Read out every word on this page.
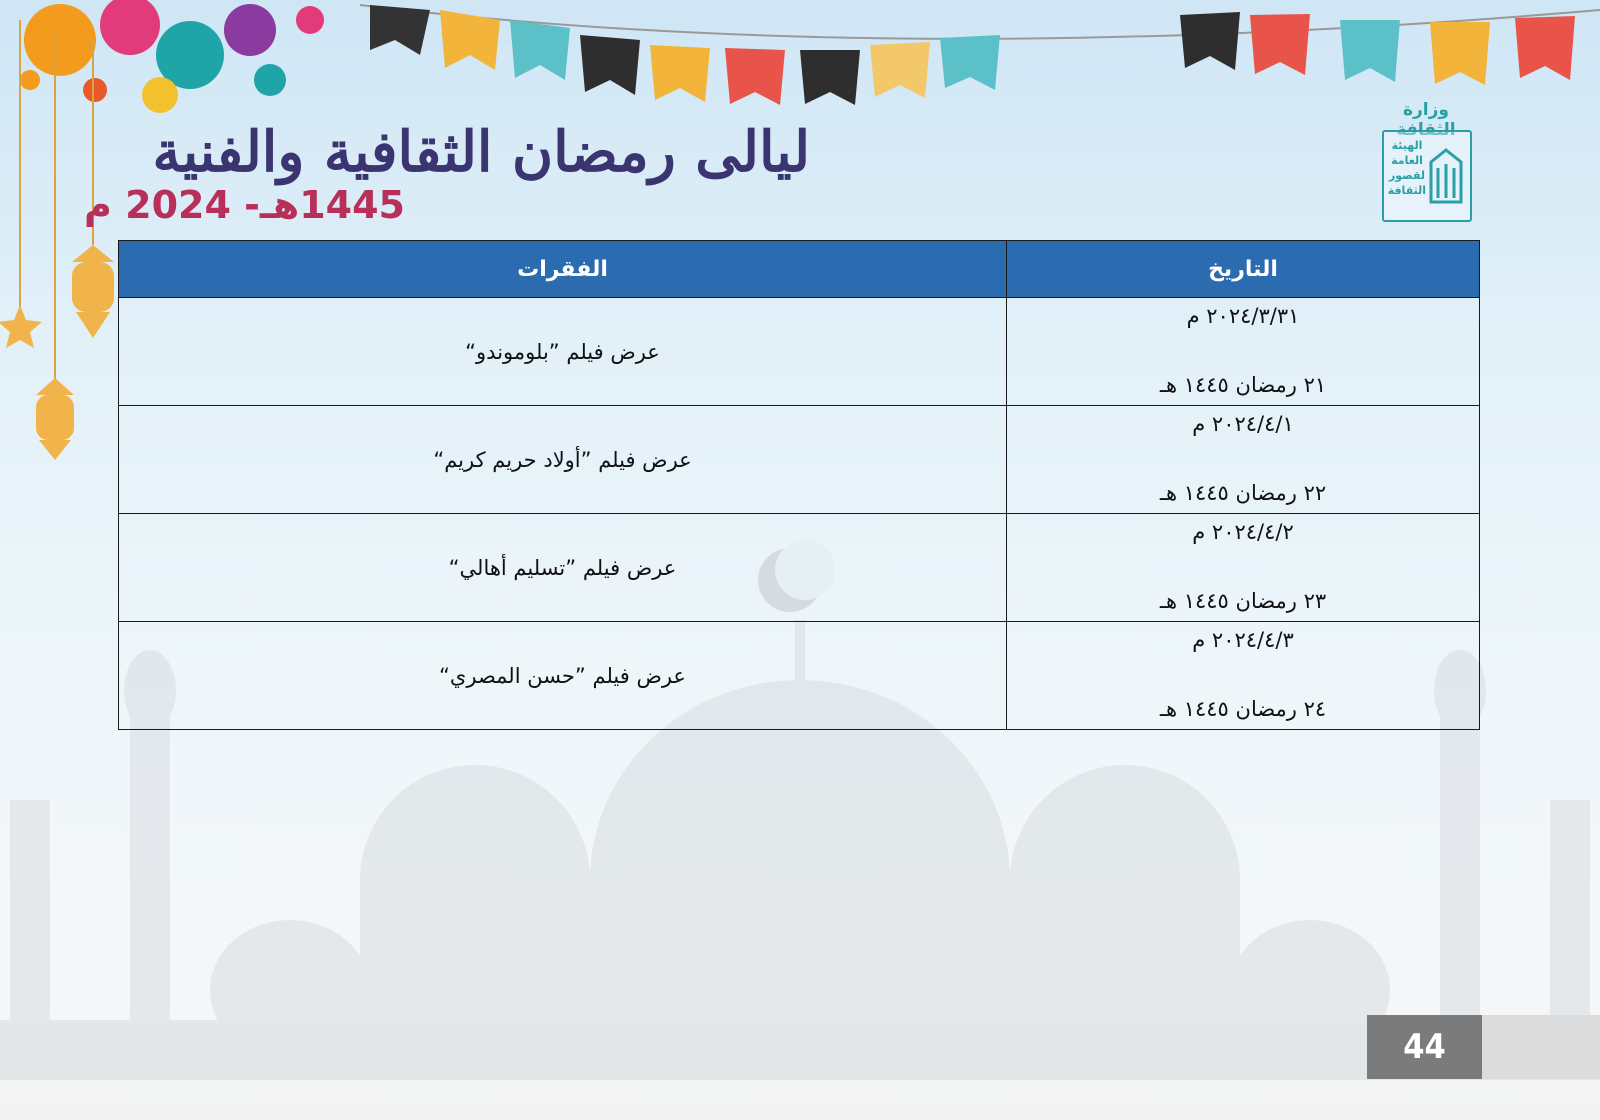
ليالى رمضان الثقافية والفنية
1445هـ- 2024 م
وزارة الثقافة
الهيئة
العامة
لقصور
الثقافة
التاريخ	الفقرات

٢٠٢٤/٣/٣١ م
٢١ رمضان ١٤٤٥ هـ	عرض فيلم ”بلوموندو“

٢٠٢٤/٤/١ م
٢٢ رمضان ١٤٤٥ هـ	عرض فيلم ”أولاد حريم كريم“

٢٠٢٤/٤/٢ م
٢٣ رمضان ١٤٤٥ هـ	عرض فيلم ”تسليم أهالي“

٢٠٢٤/٤/٣ م
٢٤ رمضان ١٤٤٥ هـ	عرض فيلم ”حسن المصري“
44
